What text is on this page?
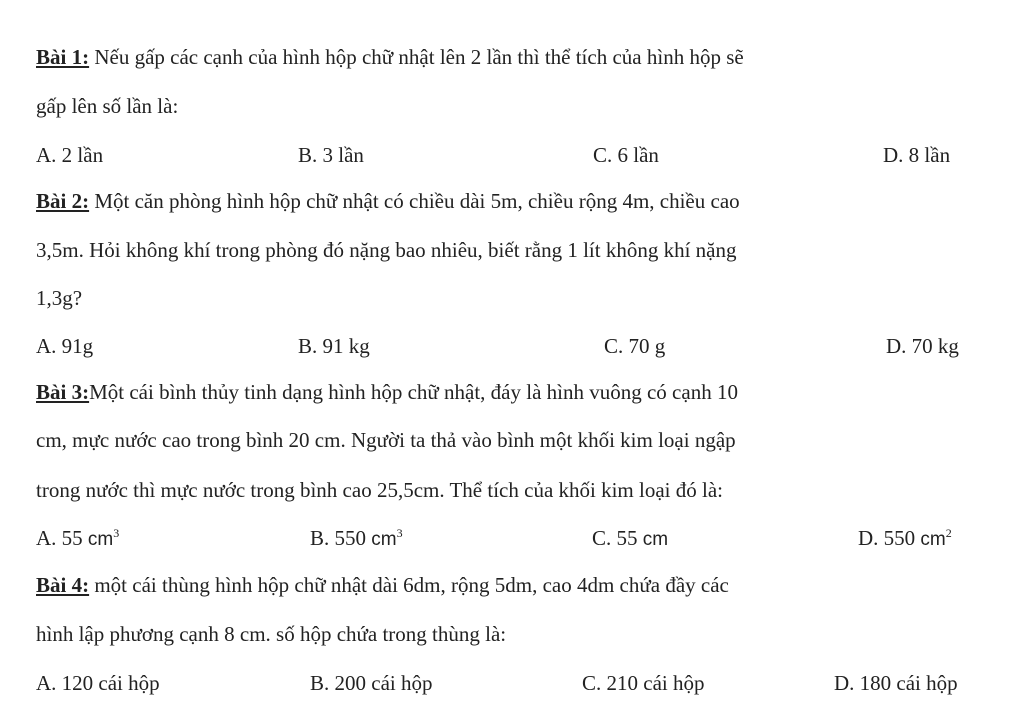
Bài 1: Nếu gấp các cạnh của hình hộp chữ nhật lên 2 lần thì thể tích của hình hộp sẽ
gấp lên số lần là:
A. 2 lần	B. 3 lần	C. 6 lần	D. 8 lần
Bài 2: Một căn phòng hình hộp chữ nhật có chiều dài 5m, chiều rộng 4m, chiều cao
3,5m. Hỏi không khí trong phòng đó nặng bao nhiêu, biết rằng 1 lít không khí nặng
1,3g?
A. 91g	B. 91 kg	C. 70 g	D. 70 kg
Bài 3:Một cái bình thủy tinh dạng hình hộp chữ nhật, đáy là hình vuông có cạnh 10
cm, mực nước cao trong bình 20 cm. Người ta thả vào bình một khối kim loại ngập
trong nước thì mực nước trong bình cao 25,5cm. Thể tích của khối kim loại đó là:
A. 55 $cm^3$	B. 550 $cm^3$	C. 55 cm	D. 550 $cm^2$
Bài 4: một cái thùng hình hộp chữ nhật dài 6dm, rộng 5dm, cao 4dm chứa đầy các
hình lập phương cạnh 8 cm. số hộp chứa trong thùng là:
A. 120 cái hộp	B. 200 cái hộp	C. 210 cái hộp	D. 180 cái hộp
